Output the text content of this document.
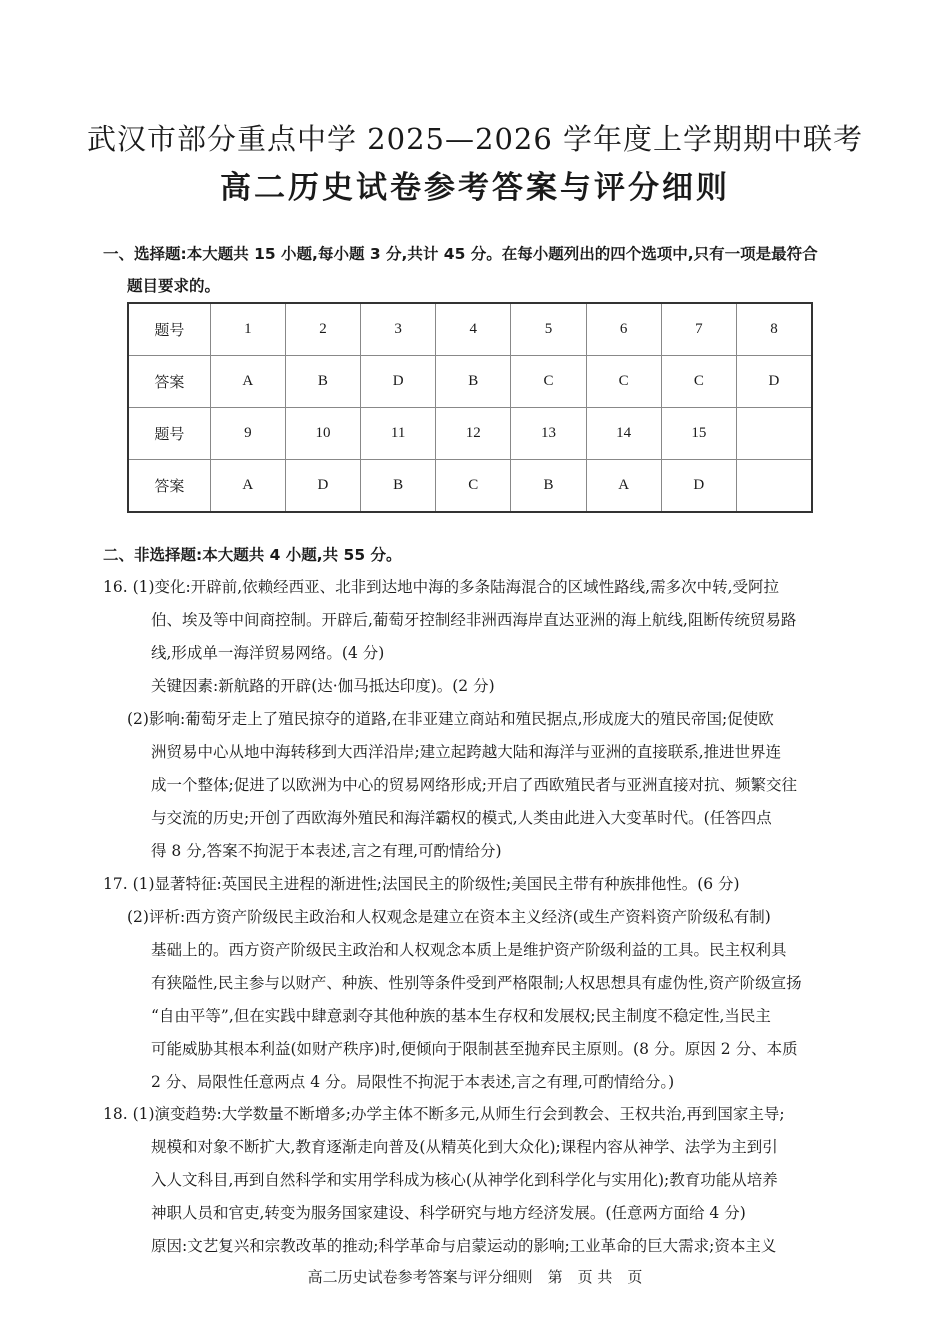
武汉市部分重点中学 2025—2026 学年度上学期期中联考
高二历史试卷参考答案与评分细则
一、选择题:本大题共 15 小题,每小题 3 分,共计 45 分。在每小题列出的四个选项中,只有一项是最符合
题目要求的。
题号	1	2	3	4	5	6	7	8
答案	A	B	D	B	C	C	C	D
题号	9	10	11	12	13	14	15	
答案	A	D	B	C	B	A	D	
二、非选择题:本大题共 4 小题,共 55 分。
16. (1)变化:开辟前,依赖经西亚、北非到达地中海的多条陆海混合的区域性路线,需多次中转,受阿拉
伯、埃及等中间商控制。开辟后,葡萄牙控制经非洲西海岸直达亚洲的海上航线,阻断传统贸易路
线,形成单一海洋贸易网络。(4 分)
关键因素:新航路的开辟(达·伽马抵达印度)。(2 分)
(2)影响:葡萄牙走上了殖民掠夺的道路,在非亚建立商站和殖民据点,形成庞大的殖民帝国;促使欧
洲贸易中心从地中海转移到大西洋沿岸;建立起跨越大陆和海洋与亚洲的直接联系,推进世界连
成一个整体;促进了以欧洲为中心的贸易网络形成;开启了西欧殖民者与亚洲直接对抗、频繁交往
与交流的历史;开创了西欧海外殖民和海洋霸权的模式,人类由此进入大变革时代。(任答四点
得 8 分,答案不拘泥于本表述,言之有理,可酌情给分)
17. (1)显著特征:英国民主进程的渐进性;法国民主的阶级性;美国民主带有种族排他性。(6 分)
(2)评析:西方资产阶级民主政治和人权观念是建立在资本主义经济(或生产资料资产阶级私有制)
基础上的。西方资产阶级民主政治和人权观念本质上是维护资产阶级利益的工具。民主权利具
有狭隘性,民主参与以财产、种族、性别等条件受到严格限制;人权思想具有虚伪性,资产阶级宣扬
“自由平等”,但在实践中肆意剥夺其他种族的基本生存权和发展权;民主制度不稳定性,当民主
可能威胁其根本利益(如财产秩序)时,便倾向于限制甚至抛弃民主原则。(8 分。原因 2 分、本质
2 分、局限性任意两点 4 分。局限性不拘泥于本表述,言之有理,可酌情给分。)
18. (1)演变趋势:大学数量不断增多;办学主体不断多元,从师生行会到教会、王权共治,再到国家主导;
规模和对象不断扩大,教育逐渐走向普及(从精英化到大众化);课程内容从神学、法学为主到引
入人文科目,再到自然科学和实用学科成为核心(从神学化到科学化与实用化);教育功能从培养
神职人员和官吏,转变为服务国家建设、科学研究与地方经济发展。(任意两方面给 4 分)
原因:文艺复兴和宗教改革的推动;科学革命与启蒙运动的影响;工业革命的巨大需求;资本主义
高二历史试卷参考答案与评分细则　第　页 共　页
